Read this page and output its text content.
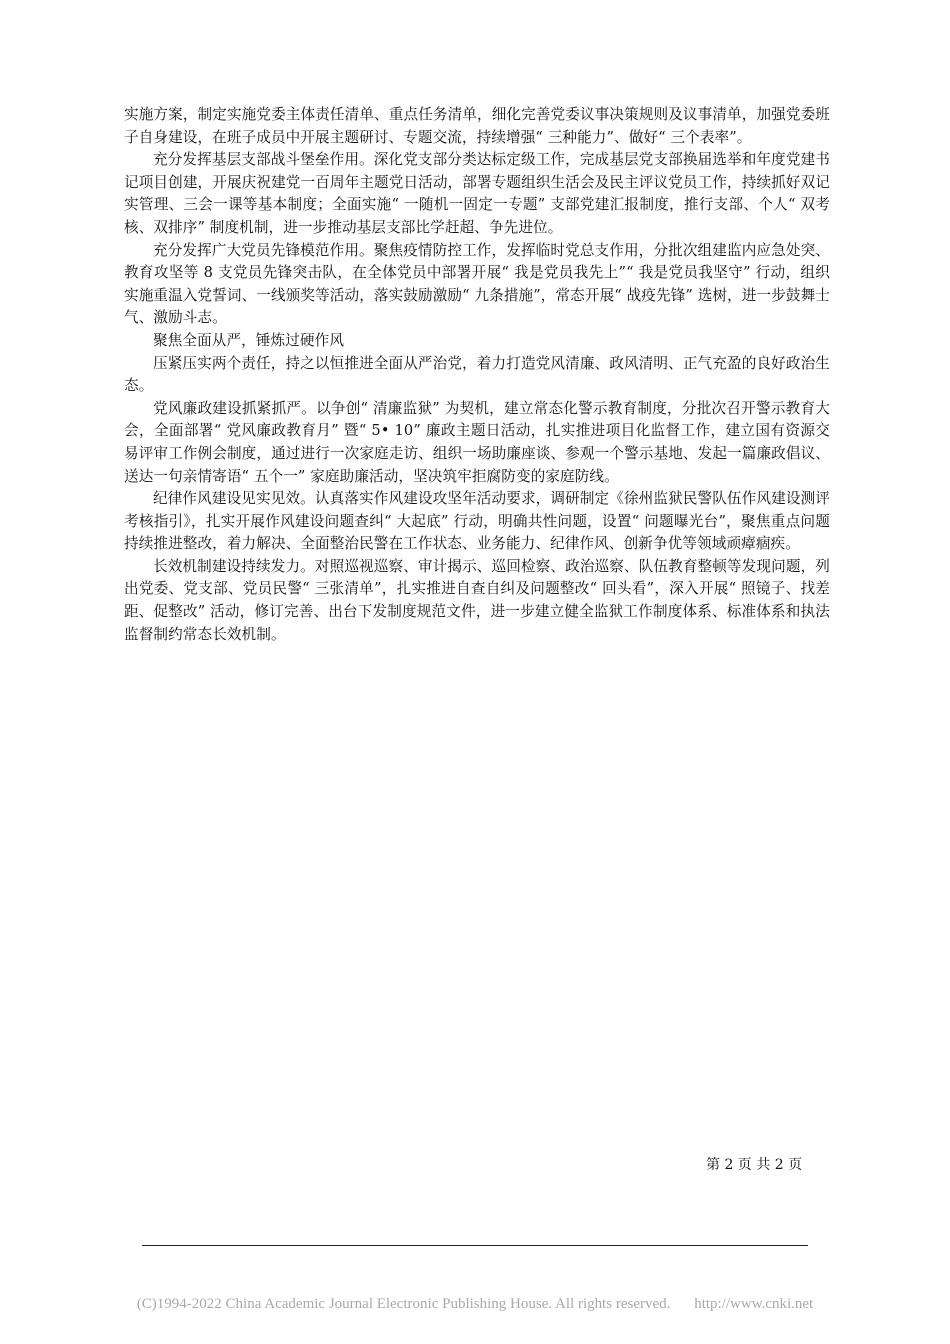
实施方案，制定实施党委主体责任清单、重点任务清单，细化完善党委议事决策规则及议事清单，加强党委班子自身建设，在班子成员中开展主题研讨、专题交流，持续增强“ 三种能力”、做好“ 三个表率”。

充分发挥基层支部战斗堡垒作用。深化党支部分类达标定级工作，完成基层党支部换届选举和年度党建书记项目创建，开展庆祝建党一百周年主题党日活动，部署专题组织生活会及民主评议党员工作，持续抓好双记实管理、三会一课等基本制度；全面实施“ 一随机一固定一专题” 支部党建汇报制度，推行支部、个人“ 双考核、双排序” 制度机制，进一步推动基层支部比学赶超、争先进位。

充分发挥广大党员先锋模范作用。聚焦疫情防控工作，发挥临时党总支作用，分批次组建监内应急处突、教育攻坚等 8 支党员先锋突击队，在全体党员中部署开展“ 我是党员我先上”“ 我是党员我坚守” 行动，组织实施重温入党誓词、一线颁奖等活动，落实鼓励激励“ 九条措施”，常态开展“ 战疫先锋” 选树，进一步鼓舞士气、激励斗志。

聚焦全面从严，锤炼过硬作风

压紧压实两个责任，持之以恒推进全面从严治党，着力打造党风清廉、政风清明、正气充盈的良好政治生态。

党风廉政建设抓紧抓严。以争创“ 清廉监狱” 为契机，建立常态化警示教育制度，分批次召开警示教育大会，全面部署“ 党风廉政教育月” 暨“ 5• 10” 廉政主题日活动，扎实推进项目化监督工作，建立国有资源交易评审工作例会制度，通过进行一次家庭走访、组织一场助廉座谈、参观一个警示基地、发起一篇廉政倡议、送达一句亲情寄语“ 五个一” 家庭助廉活动，坚决筑牢拒腐防变的家庭防线。

纪律作风建设见实见效。认真落实作风建设攻坚年活动要求，调研制定《徐州监狱民警队伍作风建设测评考核指引》，扎实开展作风建设问题查纠“ 大起底” 行动，明确共性问题，设置“ 问题曝光台”，聚焦重点问题持续推进整改，着力解决、全面整治民警在工作状态、业务能力、纪律作风、创新争优等领域顽瘴痼疾。

长效机制建设持续发力。对照巡视巡察、审计揭示、巡回检察、政治巡察、队伍教育整顿等发现问题，列出党委、党支部、党员民警“ 三张清单”，扎实推进自查自纠及问题整改“ 回头看”，深入开展“ 照镜子、找差距、促整改” 活动，修订完善、出台下发制度规范文件，进一步建立健全监狱工作制度体系、标准体系和执法监督制约常态长效机制。

第 2 页 共 2 页
(C)1994-2022 China Academic Journal Electronic Publishing House. All rights reserved. http://www.cnki.net
